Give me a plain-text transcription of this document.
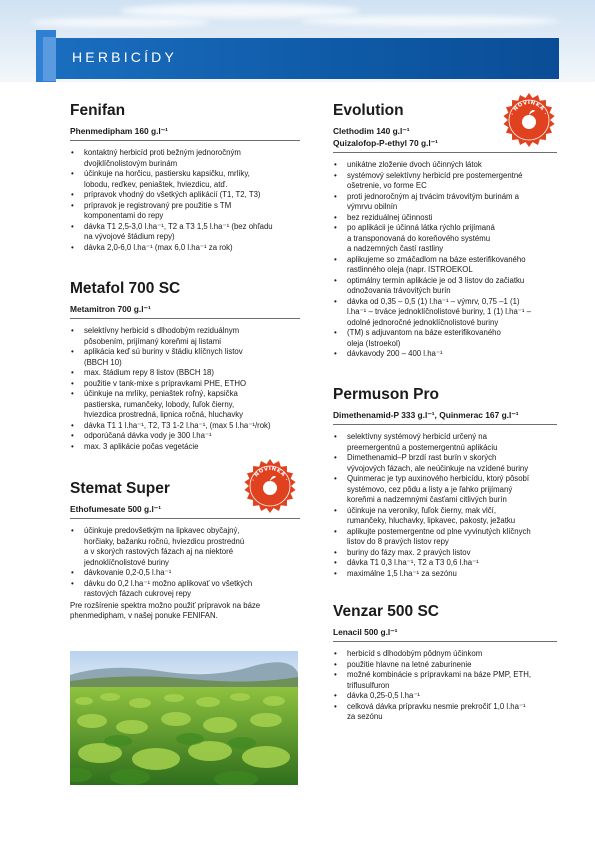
HERBICÍDY
Fenifan
Phenmedipham 160 g.l⁻¹
• kontaktný herbicíd proti bežným jednoročným
dvojklíčnolistovým burinám
• účinkuje na horčicu, pastiersku kapsičku, mrlíky,
lobodu, reďkev, peniaštek, hviezdicu, atď.
• prípravok vhodný do všetkých aplikácií (T1, T2, T3)
• prípravok je registrovaný pre použitie s TM
komponentami do repy
• dávka T1 2,5-3,0 l.ha⁻¹, T2 a T3 1,5 l.ha⁻¹ (bez ohľadu
na vývojové štádium repy)
• dávka 2,0-6,0 l.ha⁻¹ (max 6,0 l.ha⁻¹ za rok)
Metafol 700 SC
Metamitron 700 g.l⁻¹
• selektívny herbicíd s dlhodobým reziduálnym
pôsobením, prijímaný koreňmi aj listami
• aplikácia keď sú buriny v štádiu klíčnych listov
(BBCH 10)
• max. štádium repy 8 listov (BBCH 18)
• použitie v tank-mixe s prípravkami PHE, ETHO
• účinkuje na mrlíky, peniaštek roľný, kapsička
pastierska, rumančeky, lobody, ľuľok čierny,
hviezdica prostredná, lipnica ročná, hluchavky
• dávka T1 1 l.ha⁻¹, T2, T3 1-2 l.ha⁻¹, (max 5 l.ha⁻¹/rok)
• odporúčaná dávka vody je 300 l.ha⁻¹
• max. 3 aplikácie počas vegetácie
Stemat Super
Ethofumesate 500 g.l⁻¹
• účinkuje predovšetkým na lipkavec obyčajný,
horčiaky, bažanku ročnú, hviezdicu prostrednú
a v skorých rastových fázach aj na niektoré
jednoklíčnolistové buriny
• dávkovanie 0,2-0,5 l.ha⁻¹
• dávku do 0,2 l.ha⁻¹ možno aplikovať vo všetkých
rastových fázach cukrovej repy
Pre rozšírenie spektra možno použiť prípravok na báze
phenmedipham, v našej ponuke FENIFAN.
· NOVINKA ·
Evolution
Clethodim 140 g.l⁻¹
Quizalofop-P-ethyl 70 g.l⁻¹
• unikátne zloženie dvoch účinných látok
• systémový selektívny herbicíd pre postemergentné
ošetrenie, vo forme EC
• proti jednoročným aj trvácim trávovitým burinám a
výmrvu obilnín
• bez reziduálnej účinnosti
• po aplikácii je účinná látka rýchlo prijímaná
a transponovaná do koreňového systému
a nadzemných častí rastliny
• aplikujeme so zmáčadlom na báze esterifikovaného
rastlinného oleja (napr. ISTROEKOL
• optimálny termín aplikácie je od 3 listov do začiatku
odnožovania trávovitých burín
• dávka od 0,35 – 0,5 (1) l.ha⁻¹ – výmrv, 0,75 –1 (1)
l.ha⁻¹ – trváce jednoklíčnolistové buriny, 1 (1) l.ha⁻¹ –
odolné jednoročné jednoklíčnolistové buriny
• (TM) s adjuvantom na báze esterifikovaného
oleja (Istroekol)
• dávkavody 200 – 400 l.ha⁻¹
· NOVINKA ·
Permuson Pro
Dimethenamid-P 333 g.l⁻¹, Quinmerac 167 g.l⁻¹
• selektívny systémový herbicíd určený na
preemergentnú a postemergentnú aplikáciu
• Dimethenamid–P brzdí rast burín v skorých
vývojových fázach, ale neúčinkuje na vzídené buriny
• Quinmerac je typ auxinového herbicídu, ktorý pôsobí
systémovo, cez pôdu a listy a je ľahko prijímaný
koreňmi a nadzemnými časťami citlivých burín
• účinkuje na veroniky, ľuľok čierny, mak vlčí,
rumančeky, hluchavky, lipkavec, pakosty, ježatku
• aplikujte postemergentne od plne vyvinutých klíčnych
listov do 8 pravých listov repy
• buriny do fázy max. 2 pravých listov
• dávka T1 0,3 l.ha⁻¹, T2 a T3 0,6 l.ha⁻¹
• maximálne 1,5 l.ha⁻¹ za sezónu
Venzar 500 SC
Lenacil 500 g.l⁻¹
• herbicíd s dlhodobým pôdnym účinkom
• použitie hlavne na letné zaburinenie
• možné kombinácie s prípravkami na báze PMP, ETH,
triflusulfuron
• dávka 0,25-0,5 l.ha⁻¹
• celková dávka prípravku nesmie prekročiť 1,0 l.ha⁻¹
za sezónu
